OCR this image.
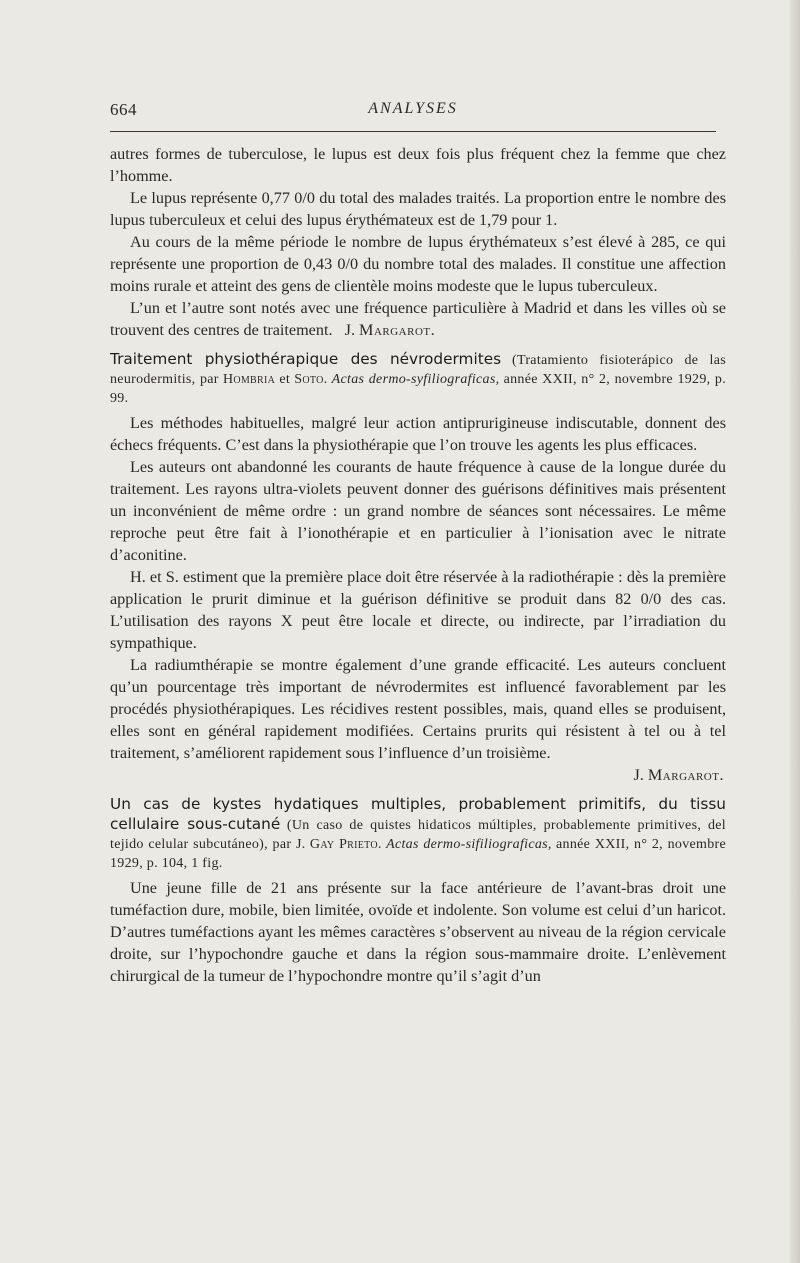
664	ANALYSES

autres formes de tuberculose, le lupus est deux fois plus fréquent chez la femme que chez l’homme.

Le lupus représente 0,77 0/0 du total des malades traités. La proportion entre le nombre des lupus tuberculeux et celui des lupus érythémateux est de 1,79 pour 1.

Au cours de la même période le nombre de lupus érythémateux s’est élevé à 285, ce qui représente une proportion de 0,43 0/0 du nombre total des malades. Il constitue une affection moins rurale et atteint des gens de clientèle moins modeste que le lupus tuberculeux.

L’un et l’autre sont notés avec une fréquence particulière à Madrid et dans les villes où se trouvent des centres de traitement. J. Margarot.

Traitement physiothérapique des névrodermites (Tratamiento fisioterápico de las neurodermitis, par Hombria et Soto. Actas dermo-syfiliograficas, année XXII, n° 2, novembre 1929, p. 99.

Les méthodes habituelles, malgré leur action antiprurigineuse indiscutable, donnent des échecs fréquents. C’est dans la physiothérapie que l’on trouve les agents les plus efficaces.

Les auteurs ont abandonné les courants de haute fréquence à cause de la longue durée du traitement. Les rayons ultra-violets peuvent donner des guérisons définitives mais présentent un inconvénient de même ordre : un grand nombre de séances sont nécessaires. Le même reproche peut être fait à l’ionothérapie et en particulier à l’ionisation avec le nitrate d’aconitine.

H. et S. estiment que la première place doit être réservée à la radiothérapie : dès la première application le prurit diminue et la guérison définitive se produit dans 82 0/0 des cas. L’utilisation des rayons X peut être locale et directe, ou indirecte, par l’irradiation du sympathique.

La radiumthérapie se montre également d’une grande efficacité. Les auteurs concluent qu’un pourcentage très important de névrodermites est influencé favorablement par les procédés physiothérapiques. Les récidives restent possibles, mais, quand elles se produisent, elles sont en général rapidement modifiées. Certains prurits qui résistent à tel ou à tel traitement, s’améliorent rapidement sous l’influence d’un troisième.

J. Margarot.
Un cas de kystes hydatiques multiples, probablement primitifs, du tissu cellulaire sous-cutané (Un caso de quistes hidaticos múltiples, probablemente primitives, del tejido celular subcutáneo), par J. Gay Prieto. Actas dermo-sifiliograficas, année XXII, n° 2, novembre 1929, p. 104, 1 fig.

Une jeune fille de 21 ans présente sur la face antérieure de l’avant-bras droit une tuméfaction dure, mobile, bien limitée, ovoïde et indolente. Son volume est celui d’un haricot. D’autres tuméfactions ayant les mêmes caractères s’observent au niveau de la région cervicale droite, sur l’hypochondre gauche et dans la région sous-mammaire droite. L’enlèvement chirurgical de la tumeur de l’hypochondre montre qu’il s’agit d’un
